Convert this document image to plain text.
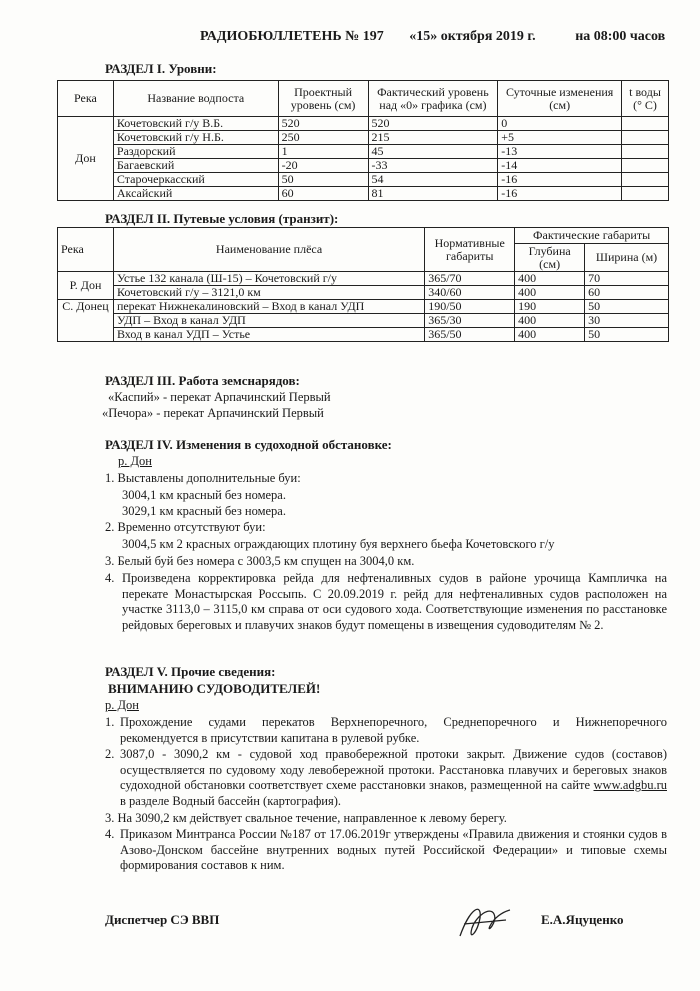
РАДИОБЮЛЛЕТЕНЬ № 197 «15» октября 2019 г.	на 08:00 часов
РАЗДЕЛ I. Уровни:
Река	Название водпоста	Проектный уровень (см)	Фактический уровень над «0» графика (см)	Суточные изменения (см)	t воды (° C)
Дон	Кочетовский г/у В.Б.	520	520	0	
	Кочетовский г/у Н.Б.	250	215	+5	
	Раздорский	1	45	-13	
	Багаевский	-20	-33	-14	
	Старочеркасский	50	54	-16	
	Аксайский	60	81	-16	
РАЗДЕЛ II. Путевые условия (транзит):
Река	Наименование плёса	Нормативные габариты	Фактические габариты	
			Глубина (см)	Ширина (м)
Р. Дон	Устье 132 канала (Ш-15) – Кочетовский г/у	365/70	400	70
	Кочетовский г/у – 3121,0 км	340/60	400	60
С. Донец	перекат Нижнекалиновский – Вход в канал УДП	190/50	190	50
	УДП – Вход в канал УДП	365/30	400	30
	Вход в канал УДП – Устье	365/50	400	50
РАЗДЕЛ III. Работа земснарядов:
«Каспий» - перекат Арпачинский Первый
«Печора» - перекат Арпачинский Первый
РАЗДЕЛ IV. Изменения в судоходной обстановке:
р. Дон
1. Выставлены дополнительные буи:
3004,1 км красный без номера.
3029,1 км красный без номера.
2. Временно отсутствуют буи:
3004,5 км 2 красных ограждающих плотину буя верхнего бьефа Кочетовского г/у
3. Белый буй без номера с 3003,5 км спущен на 3004,0 км.
4. Произведена корректировка рейда для нефтеналивных судов в районе урочища Кампличка на перекате Монастырская Россыпь. С 20.09.2019 г. рейд для нефтеналивных судов расположен на участке 3113,0 – 3115,0 км справа от оси судового хода. Соответствующие изменения по расстановке рейдовых береговых и плавучих знаков будут помещены в извещения судоводителям № 2.
РАЗДЕЛ V. Прочие сведения:
ВНИМАНИЮ СУДОВОДИТЕЛЕЙ!
р. Дон
1. Прохождение судами перекатов Верхнепоречного, Среднепоречного и Нижнепоречного рекомендуется в присутствии капитана в рулевой рубке.
2. 3087,0 - 3090,2 км - судовой ход правобережной протоки закрыт. Движение судов (составов) осуществляется по судовому ходу левобережной протоки. Расстановка плавучих и береговых знаков судоходной обстановки соответствует схеме расстановки знаков, размещенной на сайте www.adgbu.ru в разделе Водный бассейн (картография).
3. На 3090,2 км действует свальное течение, направленное к левому берегу.
4. Приказом Минтранса России №187 от 17.06.2019г утверждены «Правила движения и стоянки судов в Азово-Донском бассейне внутренних водных путей Российской Федерации» и типовые схемы формирования составов к ним.
Диспетчер СЭ ВВП	Е.А.Яцуценко
